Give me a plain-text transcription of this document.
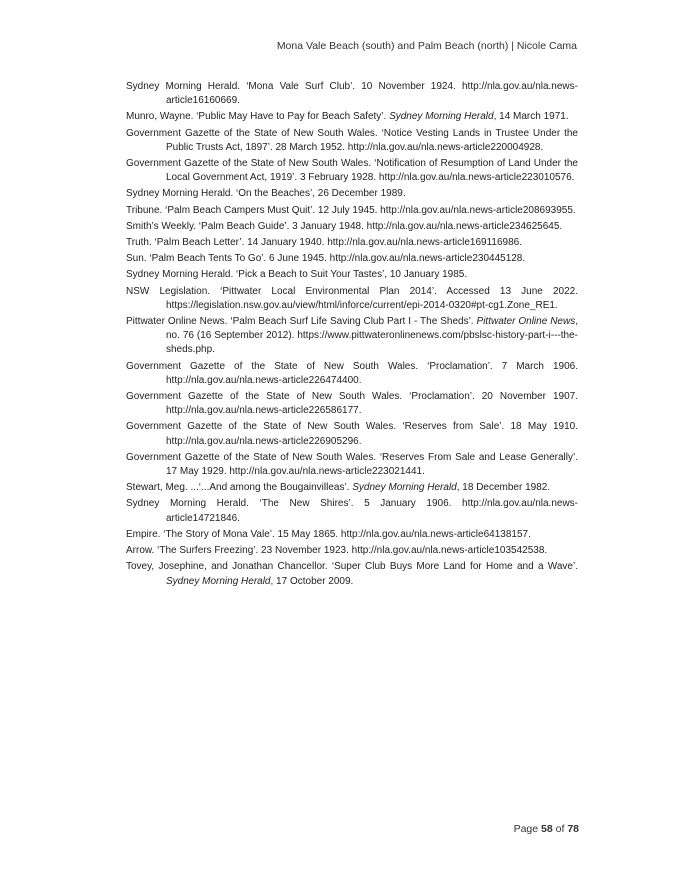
Mona Vale Beach (south) and Palm Beach (north) | Nicole Cama

Sydney Morning Herald. ‘Mona Vale Surf Club’. 10 November 1924. http://nla.gov.au/nla.news-article16160669.

Munro, Wayne. ‘Public May Have to Pay for Beach Safety’. Sydney Morning Herald, 14 March 1971.

Government Gazette of the State of New South Wales. ‘Notice Vesting Lands in Trustee Under the Public Trusts Act, 1897’. 28 March 1952. http://nla.gov.au/nla.news-article220004928.

Government Gazette of the State of New South Wales. ‘Notification of Resumption of Land Under the Local Government Act, 1919’. 3 February 1928. http://nla.gov.au/nla.news-article223010576.

Sydney Morning Herald. ‘On the Beaches’, 26 December 1989.

Tribune. ‘Palm Beach Campers Must Quit’. 12 July 1945. http://nla.gov.au/nla.news-article208693955.

Smith’s Weekly. ‘Palm Beach Guide’. 3 January 1948. http://nla.gov.au/nla.news-article234625645.

Truth. ‘Palm Beach Letter’. 14 January 1940. http://nla.gov.au/nla.news-article169116986.

Sun. ‘Palm Beach Tents To Go’. 6 June 1945. http://nla.gov.au/nla.news-article230445128.

Sydney Morning Herald. ‘Pick a Beach to Suit Your Tastes’, 10 January 1985.

NSW Legislation. ‘Pittwater Local Environmental Plan 2014’. Accessed 13 June 2022. https://legislation.nsw.gov.au/view/html/inforce/current/epi-2014-0320#pt-cg1.Zone_RE1.

Pittwater Online News. ‘Palm Beach Surf Life Saving Club Part I - The Sheds’. Pittwater Online News, no. 76 (16 September 2012). https://www.pittwateronlinenews.com/pbslsc-history-part-i---the-sheds.php.

Government Gazette of the State of New South Wales. ‘Proclamation’. 7 March 1906. http://nla.gov.au/nla.news-article226474400.

Government Gazette of the State of New South Wales. ‘Proclamation’. 20 November 1907. http://nla.gov.au/nla.news-article226586177.

Government Gazette of the State of New South Wales. ‘Reserves from Sale’. 18 May 1910. http://nla.gov.au/nla.news-article226905296.

Government Gazette of the State of New South Wales. ‘Reserves From Sale and Lease Generally’. 17 May 1929. http://nla.gov.au/nla.news-article223021441.

Stewart, Meg. ...‘...And among the Bougainvilleas’. Sydney Morning Herald, 18 December 1982.

Sydney Morning Herald. ‘The New Shires’. 5 January 1906. http://nla.gov.au/nla.news-article14721846.

Empire. ‘The Story of Mona Vale’. 15 May 1865. http://nla.gov.au/nla.news-article64138157.

Arrow. ‘The Surfers Freezing’. 23 November 1923. http://nla.gov.au/nla.news-article103542538.

Tovey, Josephine, and Jonathan Chancellor. ‘Super Club Buys More Land for Home and a Wave’. Sydney Morning Herald, 17 October 2009.

Page 58 of 78
